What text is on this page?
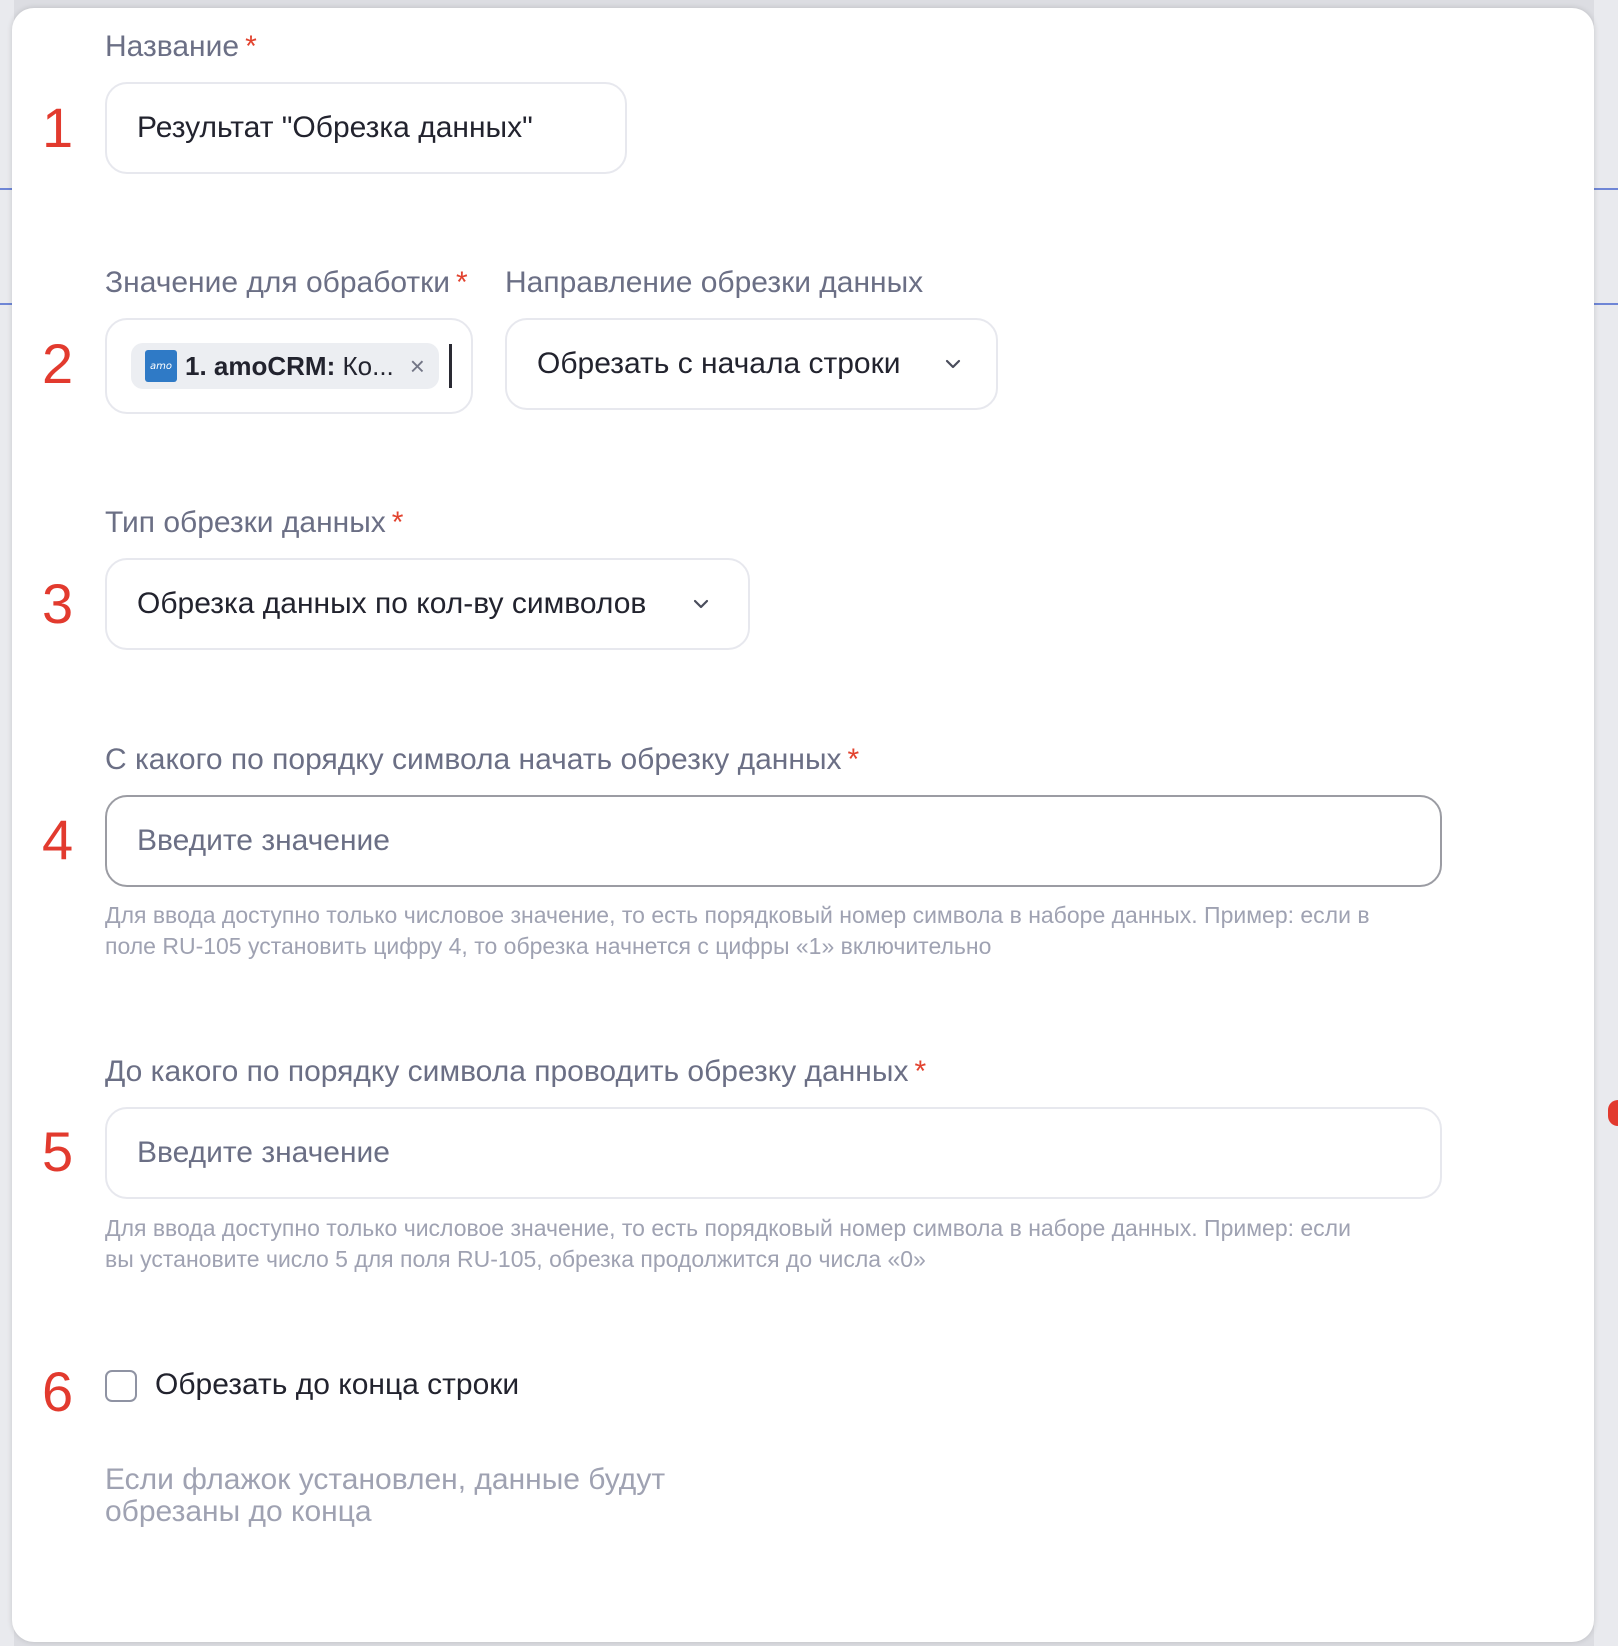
Название *
1 Результат "Обрезка данных"
Значение для обработки *
2	amo 1. amoCRM:
Ко... ×
Направление обрезки данных
Обрезать с начала строки
Тип обрезки данных *
3 Обрезка данных по кол-ву символов
С какого по порядку символа начать обрезку данных *
4 Введите значение
Для ввода доступно только числовое значение, то есть порядковый номер символа в наборе данных. Пример: если в
поле RU-105 установить цифру 4, то обрезка начнется с цифры «1» включительно
До какого по порядку символа проводить обрезку данных *
5 Введите значение
Для ввода доступно только числовое значение, то есть порядковый номер символа в наборе данных. Пример: если
вы установите число 5 для поля RU-105, обрезка продолжится до числа «0»
6	Обрезать до конца строки
Если флажок установлен, данные будут
обрезаны до конца
